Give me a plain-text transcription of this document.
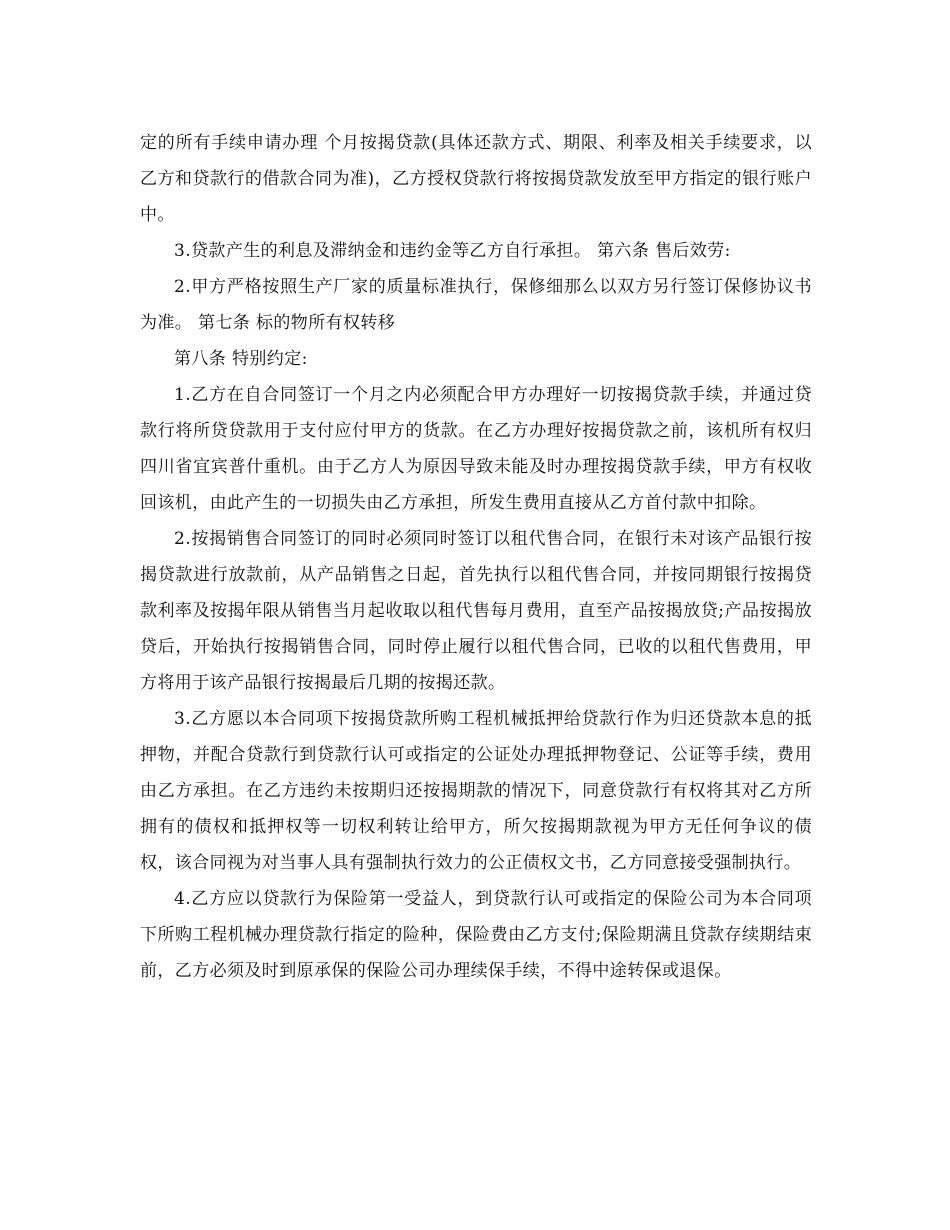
定的所有手续申请办理 个月按揭贷款(具体还款方式、期限、利率及相关手续要求，以乙方和贷款行的借款合同为准)，乙方授权贷款行将按揭贷款发放至甲方指定的银行账户中。

3.贷款产生的利息及滞纳金和违约金等乙方自行承担。 第六条 售后效劳:

2.甲方严格按照生产厂家的质量标准执行，保修细那么以双方另行签订保修协议书为准。 第七条 标的物所有权转移

第八条 特别约定:

1.乙方在自合同签订一个月之内必须配合甲方办理好一切按揭贷款手续，并通过贷款行将所贷贷款用于支付应付甲方的货款。在乙方办理好按揭贷款之前，该机所有权归四川省宜宾普什重机。由于乙方人为原因导致未能及时办理按揭贷款手续，甲方有权收回该机，由此产生的一切损失由乙方承担，所发生费用直接从乙方首付款中扣除。

2.按揭销售合同签订的同时必须同时签订以租代售合同，在银行未对该产品银行按揭贷款进行放款前，从产品销售之日起，首先执行以租代售合同，并按同期银行按揭贷款利率及按揭年限从销售当月起收取以租代售每月费用，直至产品按揭放贷;产品按揭放贷后，开始执行按揭销售合同，同时停止履行以租代售合同，已收的以租代售费用，甲方将用于该产品银行按揭最后几期的按揭还款。

3.乙方愿以本合同项下按揭贷款所购工程机械抵押给贷款行作为归还贷款本息的抵押物，并配合贷款行到贷款行认可或指定的公证处办理抵押物登记、公证等手续，费用由乙方承担。在乙方违约未按期归还按揭期款的情况下，同意贷款行有权将其对乙方所拥有的债权和抵押权等一切权利转让给甲方，所欠按揭期款视为甲方无任何争议的债权，该合同视为对当事人具有强制执行效力的公正债权文书，乙方同意接受强制执行。

4.乙方应以贷款行为保险第一受益人，到贷款行认可或指定的保险公司为本合同项下所购工程机械办理贷款行指定的险种，保险费由乙方支付;保险期满且贷款存续期结束前，乙方必须及时到原承保的保险公司办理续保手续，不得中途转保或退保。
